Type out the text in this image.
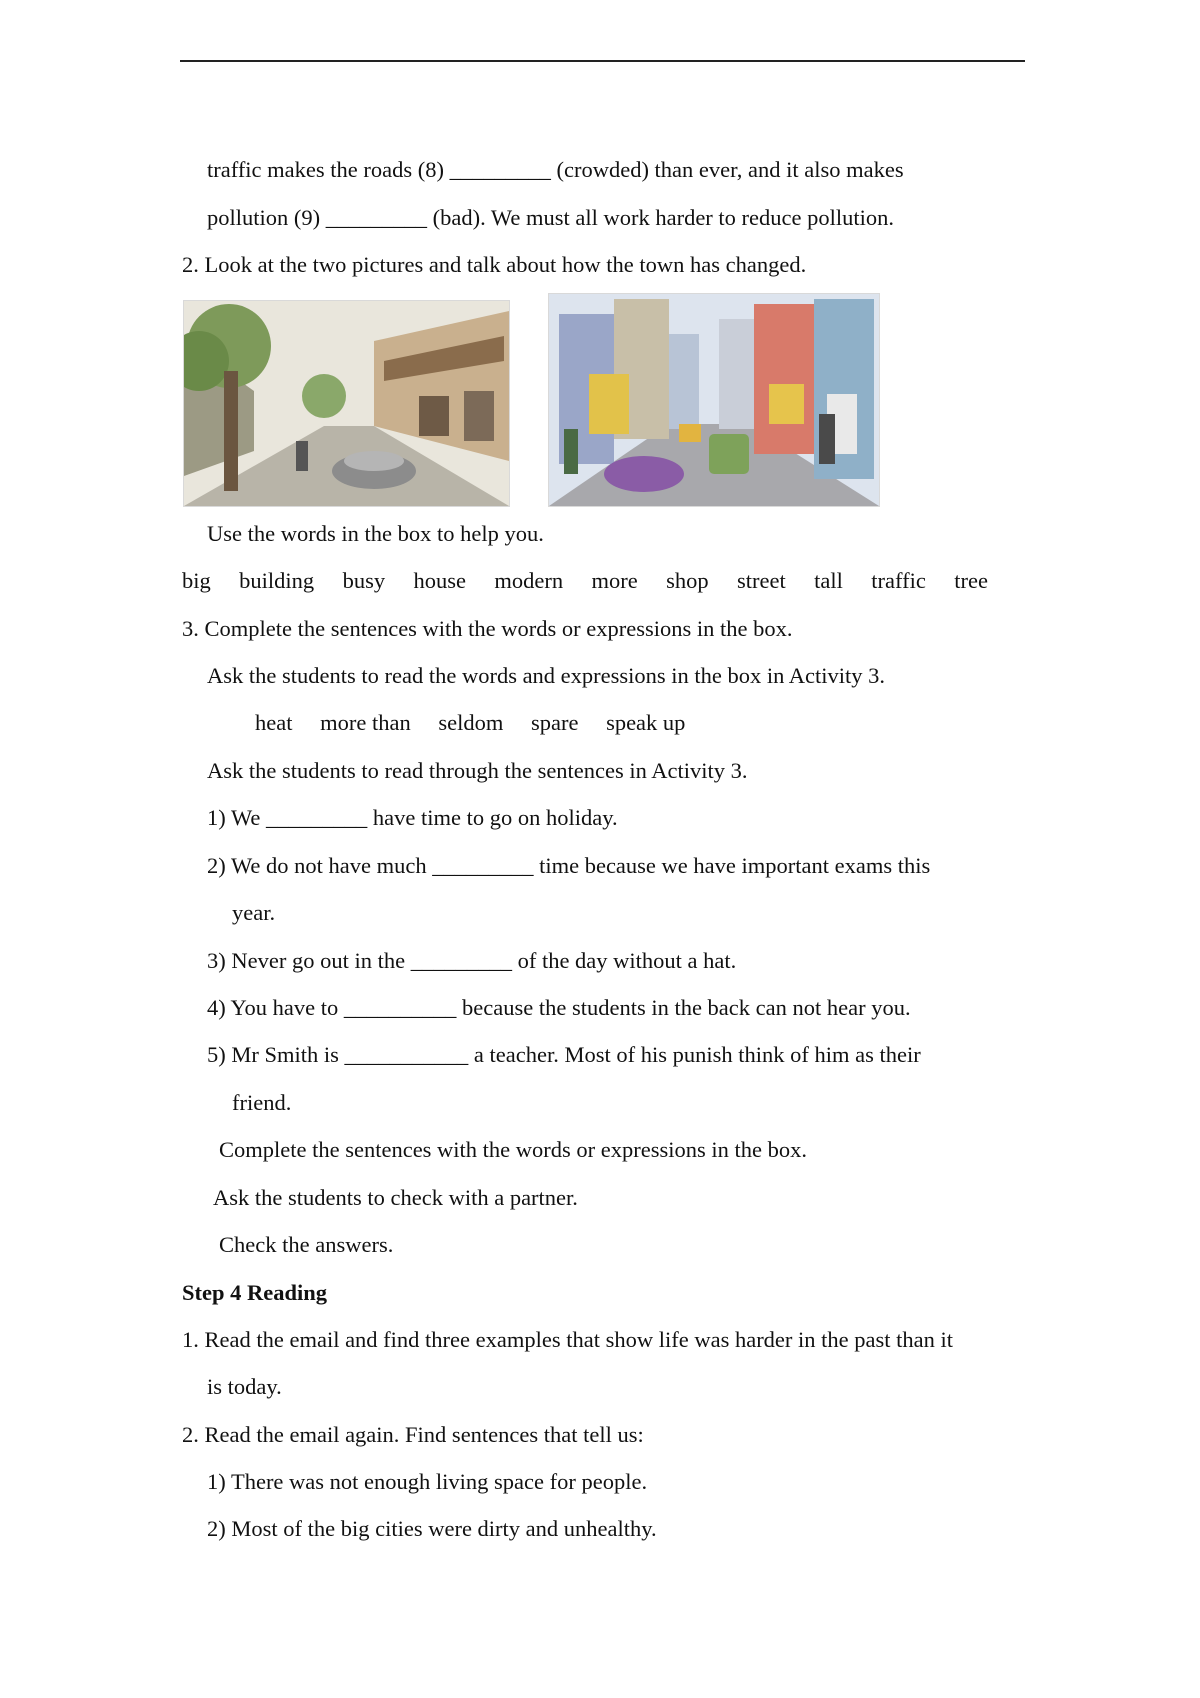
traffic makes the roads (8) _________ (crowded) than ever, and it also makes
pollution (9) _________ (bad). We must all work harder to reduce pollution.
2. Look at the two pictures and talk about how the town has changed.
Use the words in the box to help you.
big building busy house modern more shop street tall traffic tree
3. Complete the sentences with the words or expressions in the box.
Ask the students to read the words and expressions in the box in Activity 3.
heat more than seldom spare speak up
Ask the students to read through the sentences in Activity 3.
1) We _________ have time to go on holiday.
2) We do not have much _________ time because we have important exams this
year.
3) Never go out in the _________ of the day without a hat.
4) You have to __________ because the students in the back can not hear you.
5) Mr Smith is ___________ a teacher. Most of his punish think of him as their
friend.
Complete the sentences with the words or expressions in the box.
Ask the students to check with a partner.
Check the answers.
Step 4 Reading
1. Read the email and find three examples that show life was harder in the past than it
is today.
2. Read the email again. Find sentences that tell us:
1) There was not enough living space for people.
2) Most of the big cities were dirty and unhealthy.
